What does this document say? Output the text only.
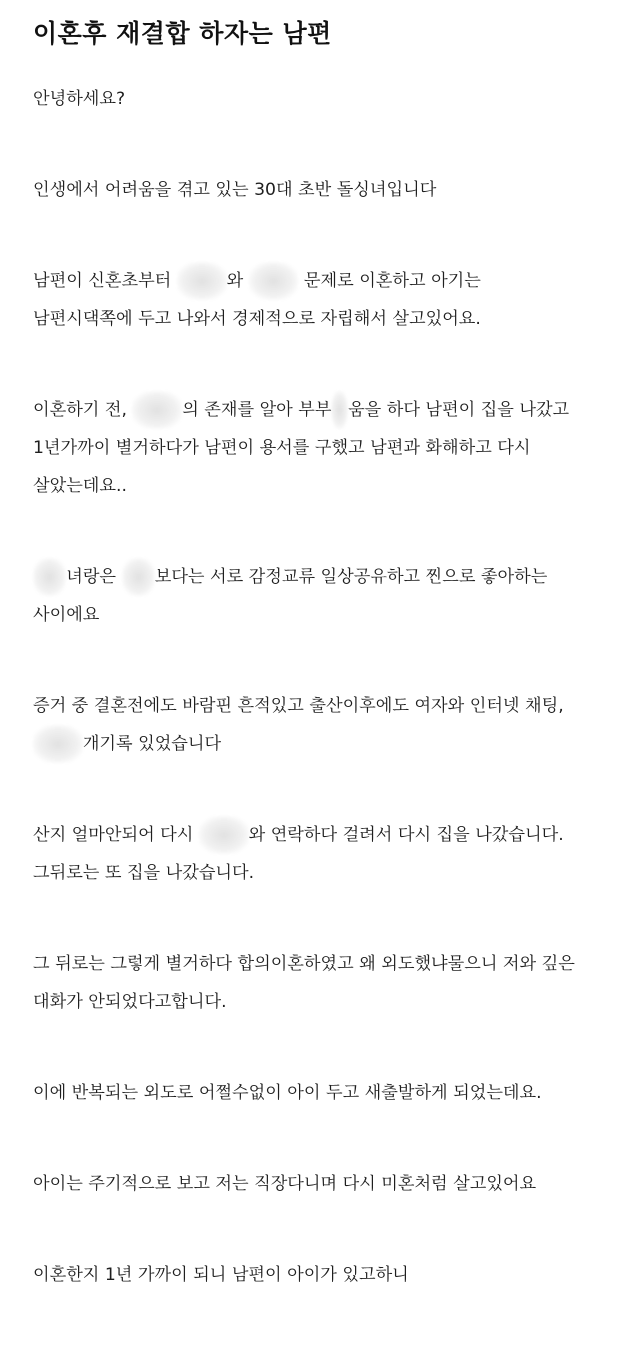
이혼후 재결합 하자는 남편

안녕하세요?

인생에서 어려움을 겪고 있는 30대 초반 돌싱녀입니다

남편이 신혼초부터	와	문제로 이혼하고 아기는
남편시댁쪽에 두고 나와서 경제적으로 자립해서 살고있어요.

이혼하기 전,	의 존재를 알아 부부 움을 하다 남편이 집을 나갔고
1년가까이 별거하다가 남편이 용서를 구했고 남편과 화해하고 다시
살았는데요..

녀랑은 보다는 서로 감정교류 일상공유하고 찐으로 좋아하는
사이에요

증거 중 결혼전에도 바람핀 흔적있고 출산이후에도 여자와 인터넷 채팅,
개기록 있었습니다

산지 얼마안되어 다시	와 연락하다 걸려서 다시 집을 나갔습니다.
그뒤로는 또 집을 나갔습니다.

그 뒤로는 그렇게 별거하다 합의이혼하였고 왜 외도했냐물으니 저와 깊은
대화가 안되었다고합니다.

이에 반복되는 외도로 어쩔수없이 아이 두고 새출발하게 되었는데요.

아이는 주기적으로 보고 저는 직장다니며 다시 미혼처럼 살고있어요

이혼한지 1년 가까이 되니 남편이 아이가 있고하니
